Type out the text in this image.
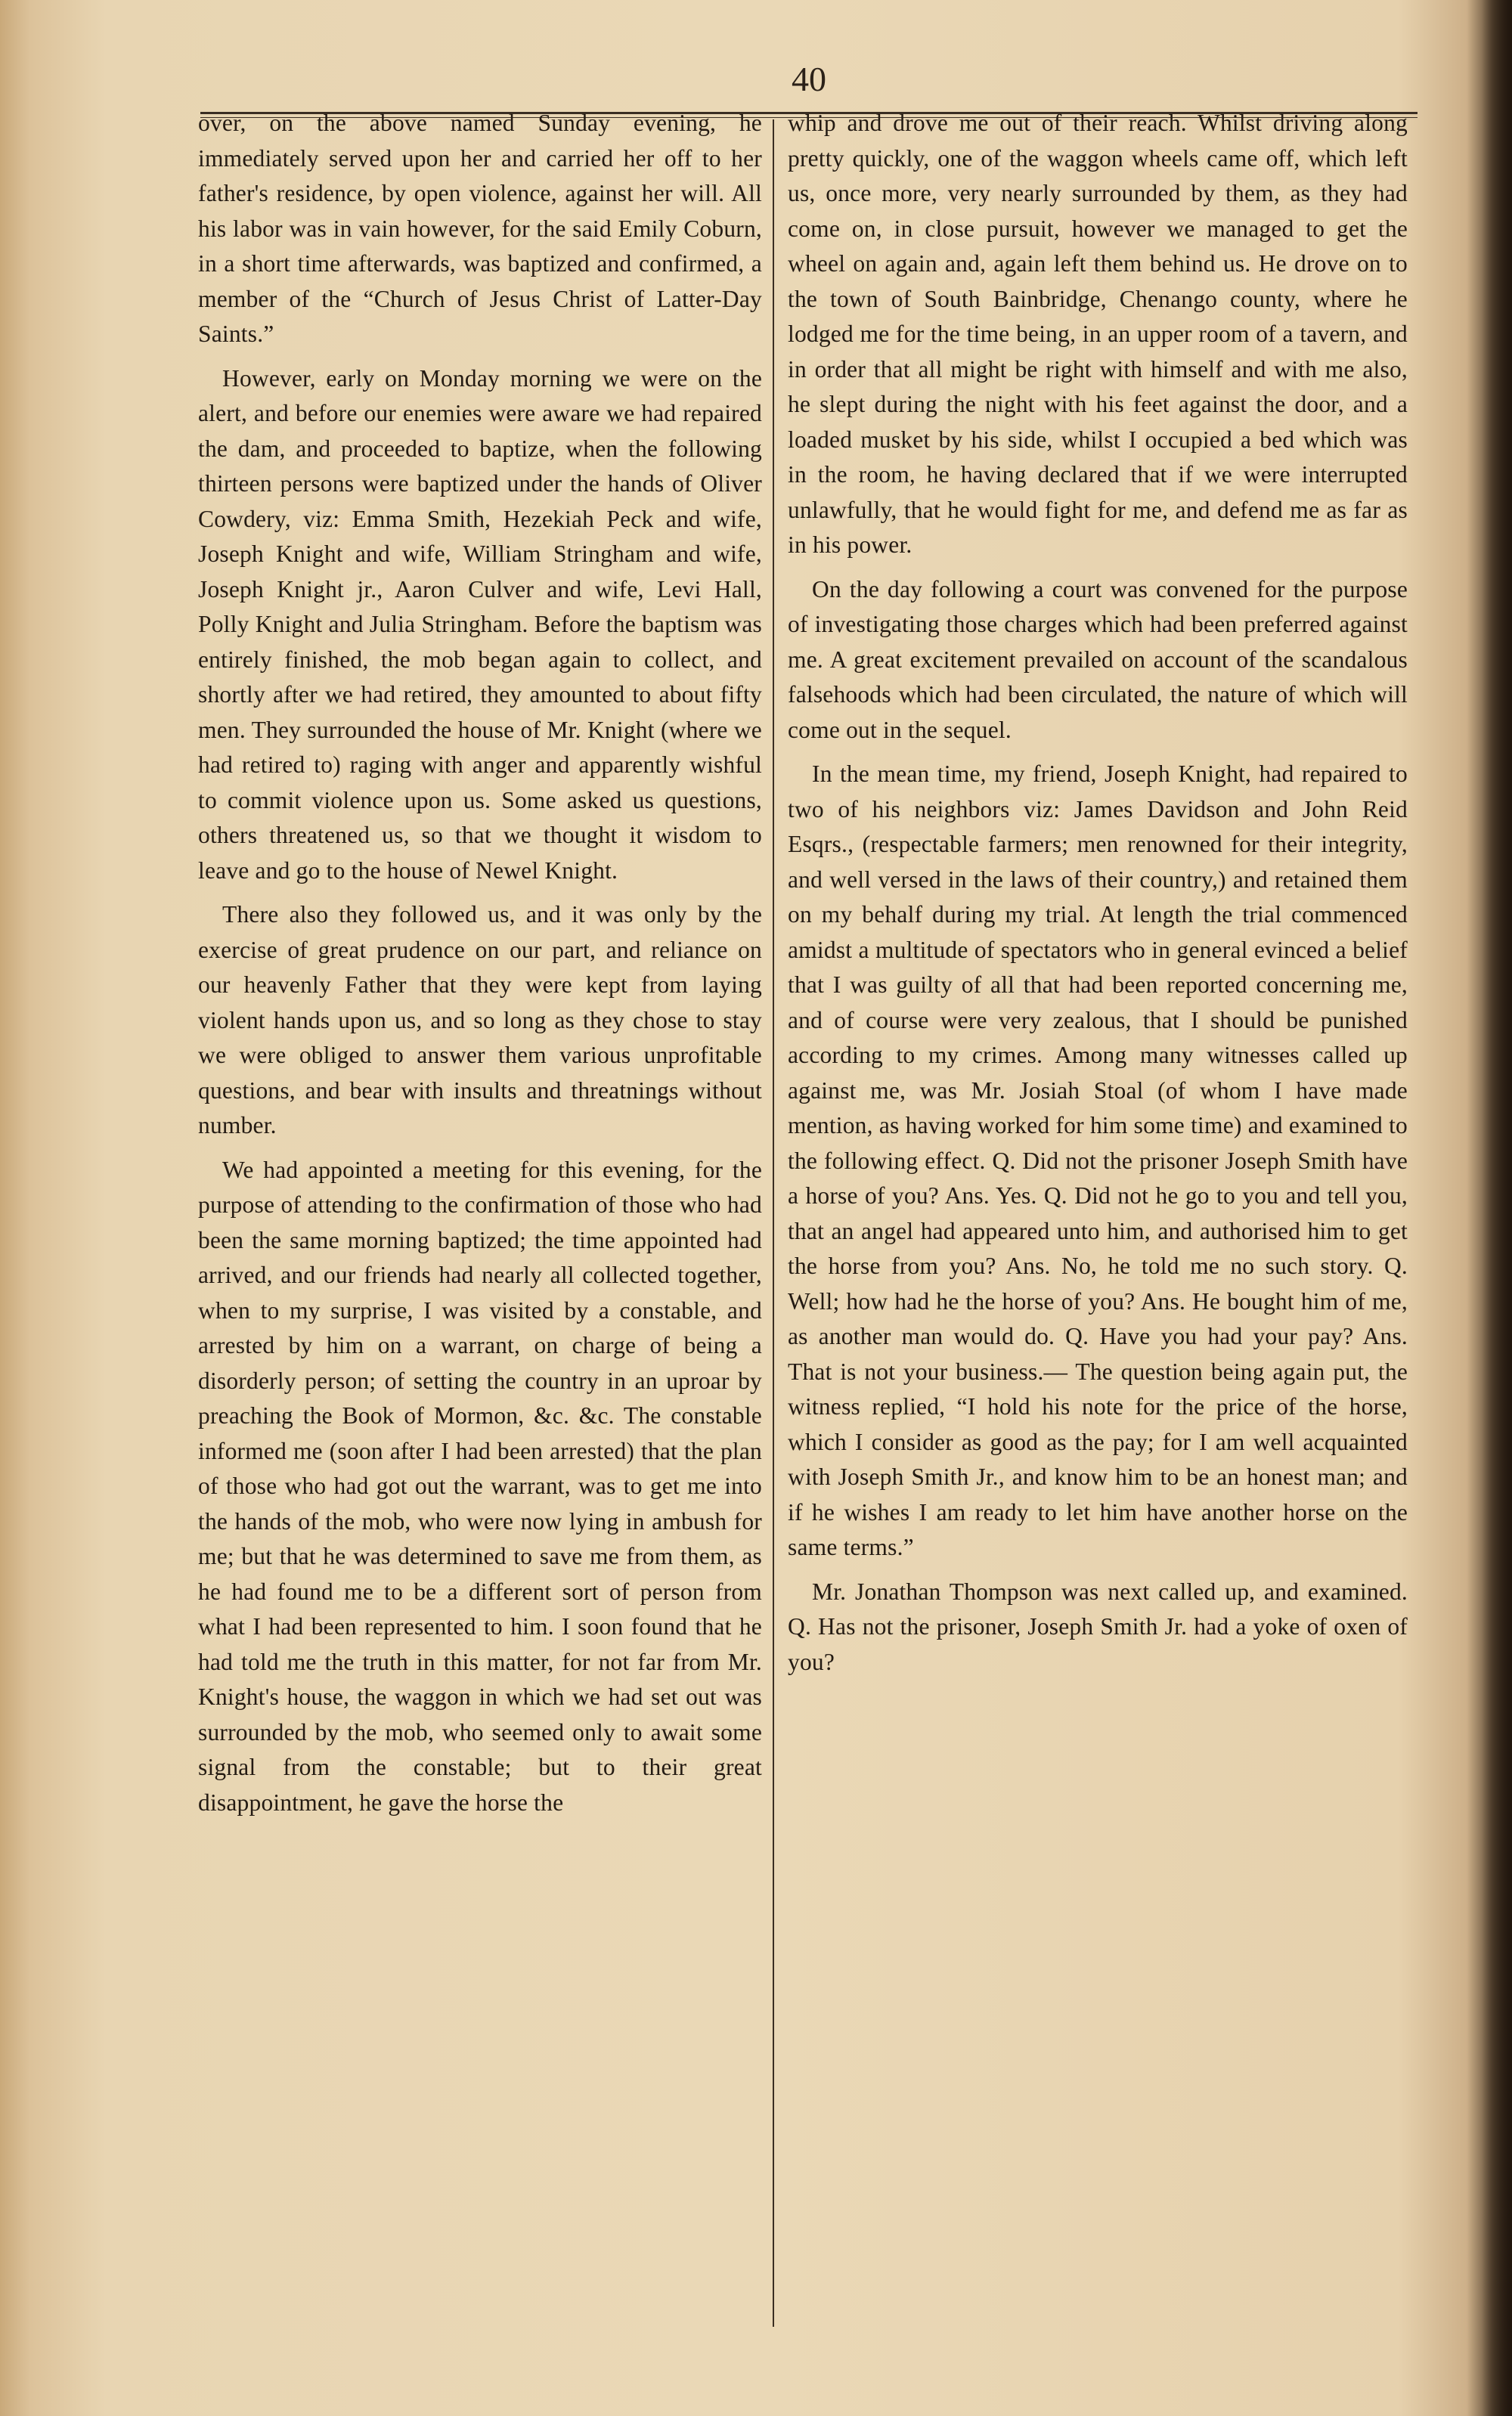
40

over, on the above named Sunday evening, he immediately served upon her and carried her off to her father's residence, by open violence, against her will. All his labor was in vain however, for the said Emily Coburn, in a short time afterwards, was baptized and confirmed, a member of the “Church of Jesus Christ of Latter-Day Saints.”

However, early on Monday morning we were on the alert, and before our enemies were aware we had repaired the dam, and proceeded to baptize, when the following thirteen persons were baptized under the hands of Oliver Cowdery, viz: Emma Smith, Hezekiah Peck and wife, Joseph Knight and wife, William Stringham and wife, Joseph Knight jr., Aaron Culver and wife, Levi Hall, Polly Knight and Julia Stringham. Before the baptism was entirely finished, the mob began again to collect, and shortly after we had retired, they amounted to about fifty men. They surrounded the house of Mr. Knight (where we had retired to) raging with anger and apparently wishful to commit violence upon us. Some asked us questions, others threatened us, so that we thought it wisdom to leave and go to the house of Newel Knight.

There also they followed us, and it was only by the exercise of great prudence on our part, and reliance on our heavenly Father that they were kept from laying violent hands upon us, and so long as they chose to stay we were obliged to answer them various unprofitable questions, and bear with insults and threatnings without number.

We had appointed a meeting for this evening, for the purpose of attending to the confirmation of those who had been the same morning baptized; the time appointed had arrived, and our friends had nearly all collected together, when to my surprise, I was visited by a constable, and arrested by him on a warrant, on charge of being a disorderly person; of setting the country in an uproar by preaching the Book of Mormon, &c. &c. The constable informed me (soon after I had been arrested) that the plan of those who had got out the warrant, was to get me into the hands of the mob, who were now lying in ambush for me; but that he was determined to save me from them, as he had found me to be a different sort of person from what I had been represented to him. I soon found that he had told me the truth in this matter, for not far from Mr. Knight's house, the waggon in which we had set out was surrounded by the mob, who seemed only to await some signal from the constable; but to their great disappointment, he gave the horse the

whip and drove me out of their reach. Whilst driving along pretty quickly, one of the waggon wheels came off, which left us, once more, very nearly surrounded by them, as they had come on, in close pursuit, however we managed to get the wheel on again and, again left them behind us. He drove on to the town of South Bainbridge, Chenango county, where he lodged me for the time being, in an upper room of a tavern, and in order that all might be right with himself and with me also, he slept during the night with his feet against the door, and a loaded musket by his side, whilst I occupied a bed which was in the room, he having declared that if we were interrupted unlawfully, that he would fight for me, and defend me as far as in his power.

On the day following a court was convened for the purpose of investigating those charges which had been preferred against me. A great excitement prevailed on account of the scandalous falsehoods which had been circulated, the nature of which will come out in the sequel.

In the mean time, my friend, Joseph Knight, had repaired to two of his neighbors viz: James Davidson and John Reid Esqrs., (respectable farmers; men renowned for their integrity, and well versed in the laws of their country,) and retained them on my behalf during my trial. At length the trial commenced amidst a multitude of spectators who in general evinced a belief that I was guilty of all that had been reported concerning me, and of course were very zealous, that I should be punished according to my crimes. Among many witnesses called up against me, was Mr. Josiah Stoal (of whom I have made mention, as having worked for him some time) and examined to the following effect. Q. Did not the prisoner Joseph Smith have a horse of you? Ans. Yes. Q. Did not he go to you and tell you, that an angel had appeared unto him, and authorised him to get the horse from you? Ans. No, he told me no such story. Q. Well; how had he the horse of you? Ans. He bought him of me, as another man would do. Q. Have you had your pay? Ans. That is not your business.— The question being again put, the witness replied, “I hold his note for the price of the horse, which I consider as good as the pay; for I am well acquainted with Joseph Smith Jr., and know him to be an honest man; and if he wishes I am ready to let him have another horse on the same terms.”

Mr. Jonathan Thompson was next called up, and examined. Q. Has not the prisoner, Joseph Smith Jr. had a yoke of oxen of you?
